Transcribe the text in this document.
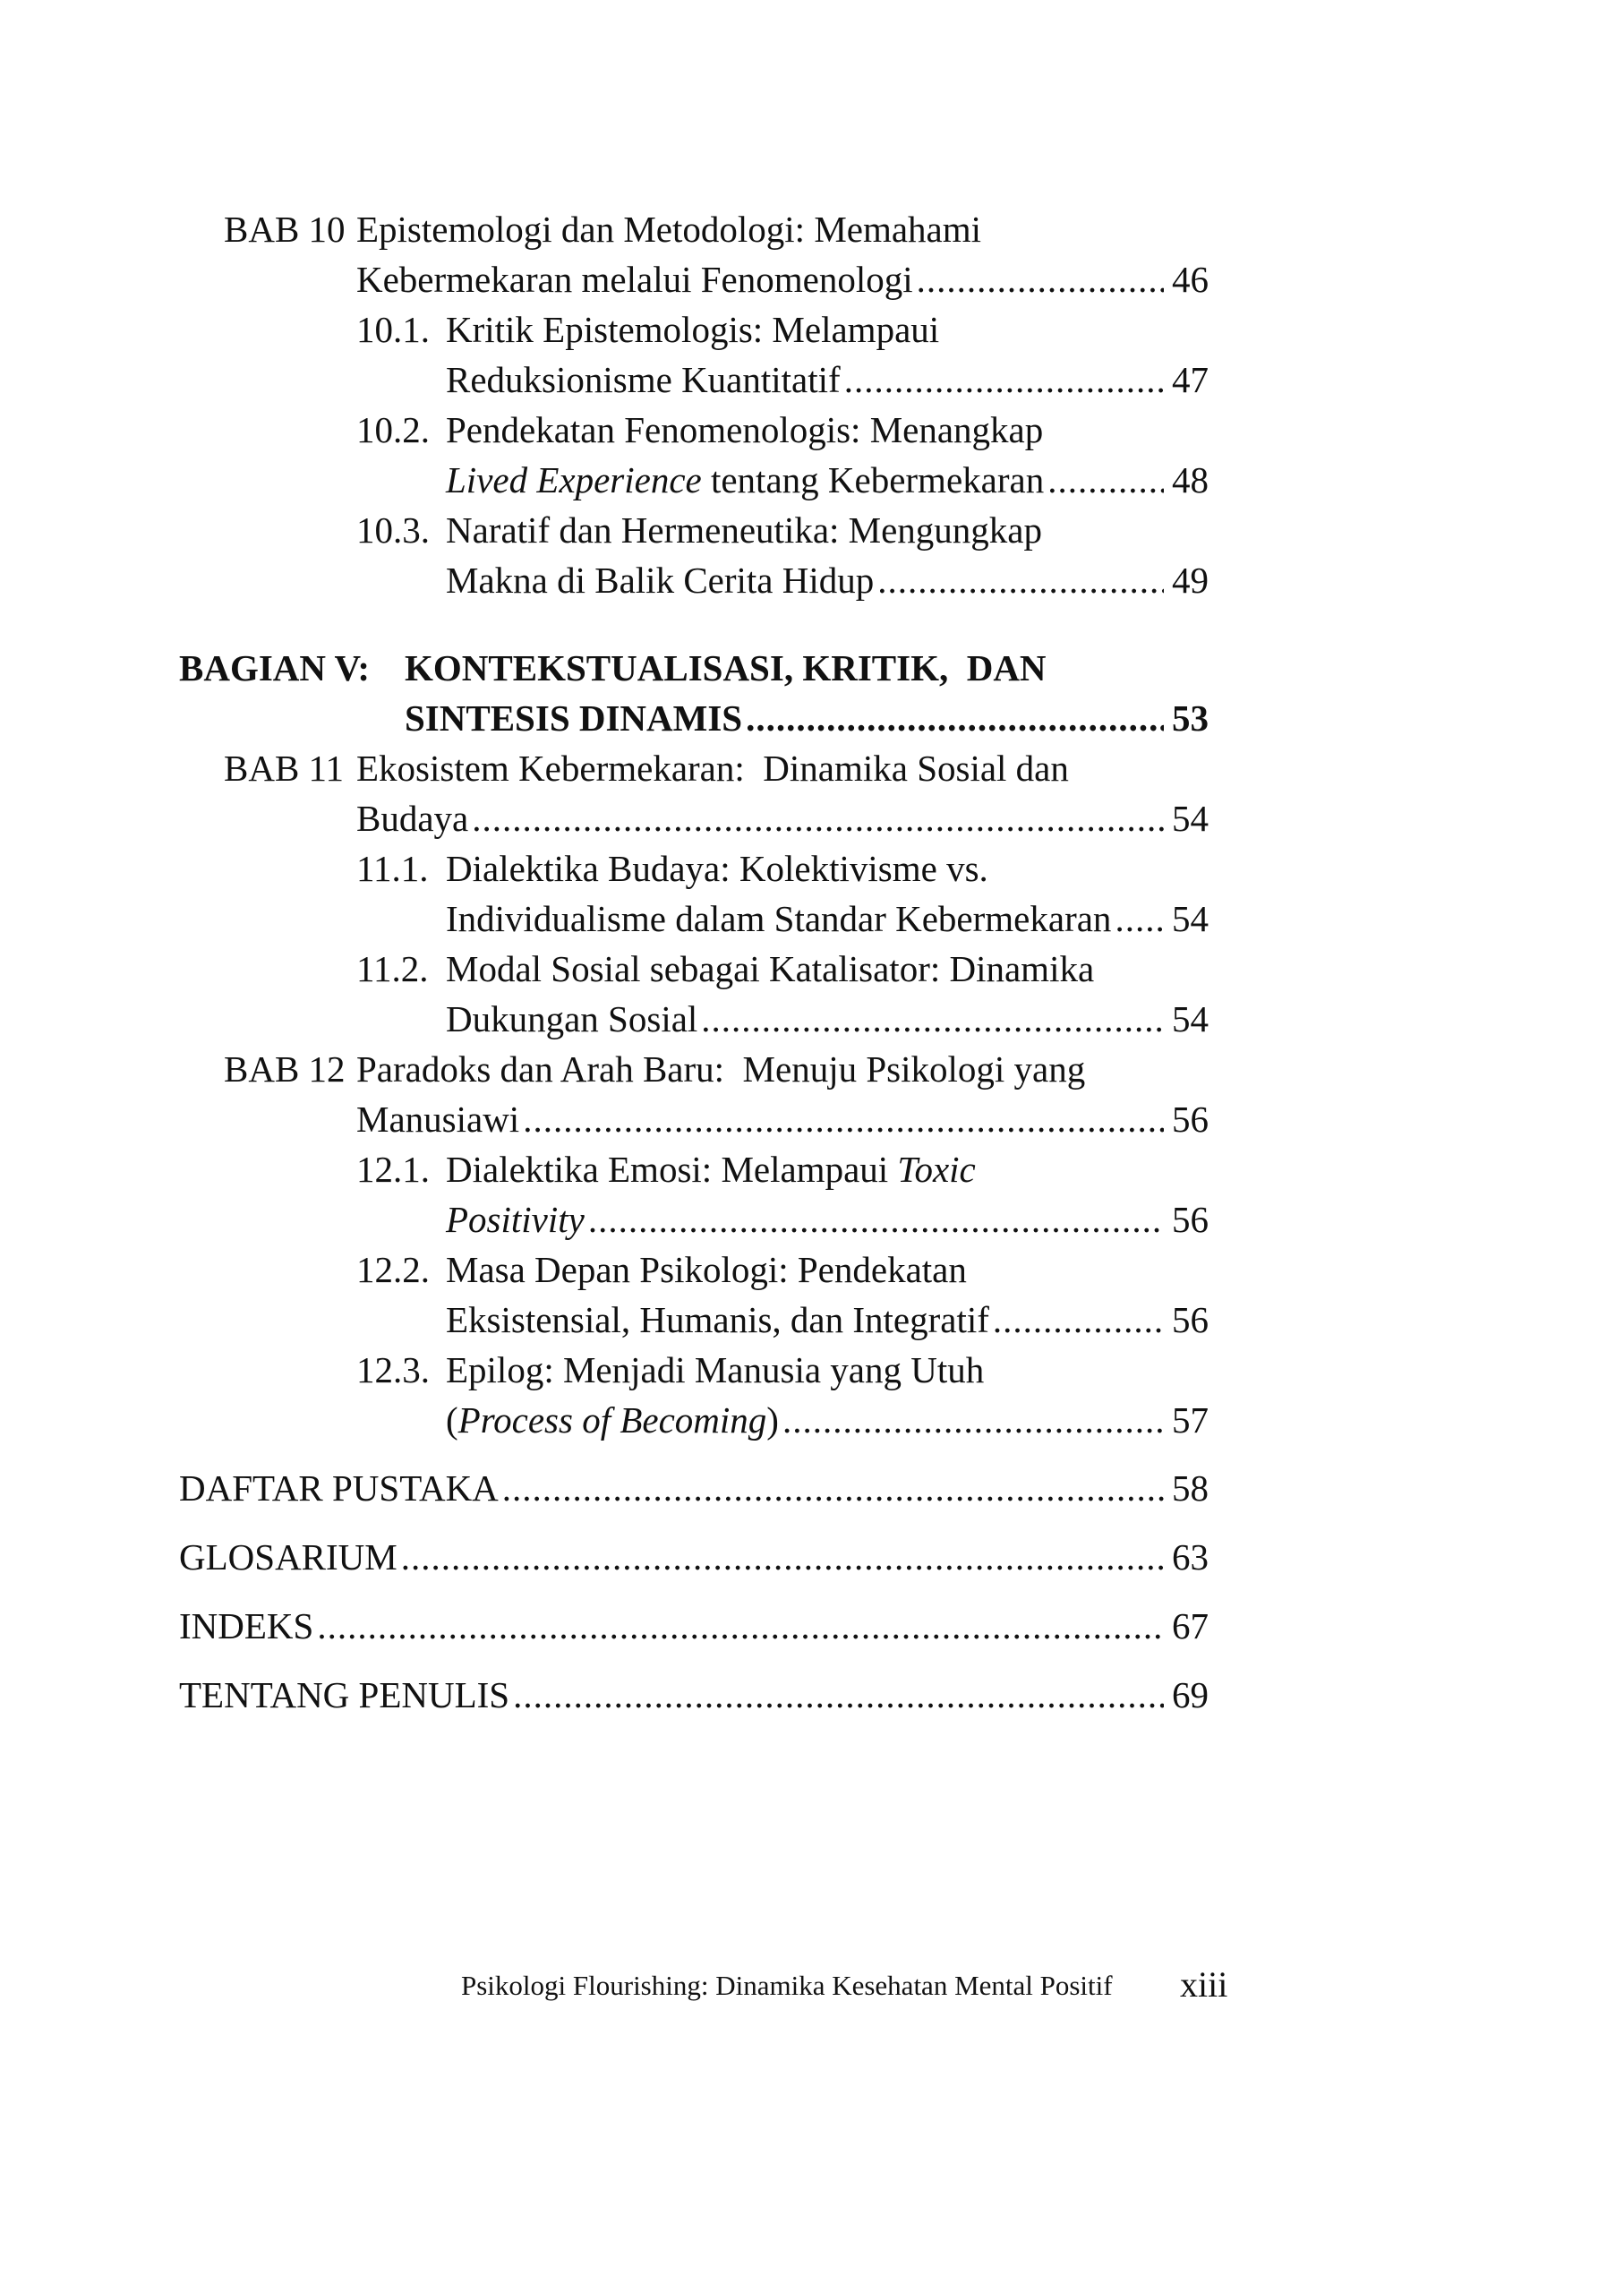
BAB 10 Epistemologi dan Metodologi: Memahami
Kebermekaran melalui Fenomenologi .....	46
10.1. Kritik Epistemologis: Melampaui
Reduksionisme Kuantitatif .....	47
10.2. Pendekatan Fenomenologis: Menangkap
Lived Experience tentang Kebermekaran .....	48
10.3. Naratif dan Hermeneutika: Mengungkap
Makna di Balik Cerita Hidup .....	49
BAGIAN V: KONTEKSTUALISASI, KRITIK,  DAN
SINTESIS DINAMIS .....	53
BAB 11 Ekosistem Kebermekaran:  Dinamika Sosial dan
Budaya .....	54
11.1. Dialektika Budaya: Kolektivisme vs.
Individualisme dalam Standar Kebermekaran ..... 54
11.2. Modal Sosial sebagai Katalisator: Dinamika
Dukungan Sosial .....	54
BAB 12 Paradoks dan Arah Baru:  Menuju Psikologi yang
Manusiawi .....	56
12.1. Dialektika Emosi: Melampaui Toxic
Positivity .....	56
12.2. Masa Depan Psikologi: Pendekatan
Eksistensial, Humanis, dan Integratif .....	56
12.3. Epilog: Menjadi Manusia yang Utuh
(Process of Becoming) .....	57
DAFTAR PUSTAKA .....	58
GLOSARIUM .....	63
INDEKS .....	67
TENTANG PENULIS .....	69
Psikologi Flourishing: Dinamika Kesehatan Mental Positif xiii
